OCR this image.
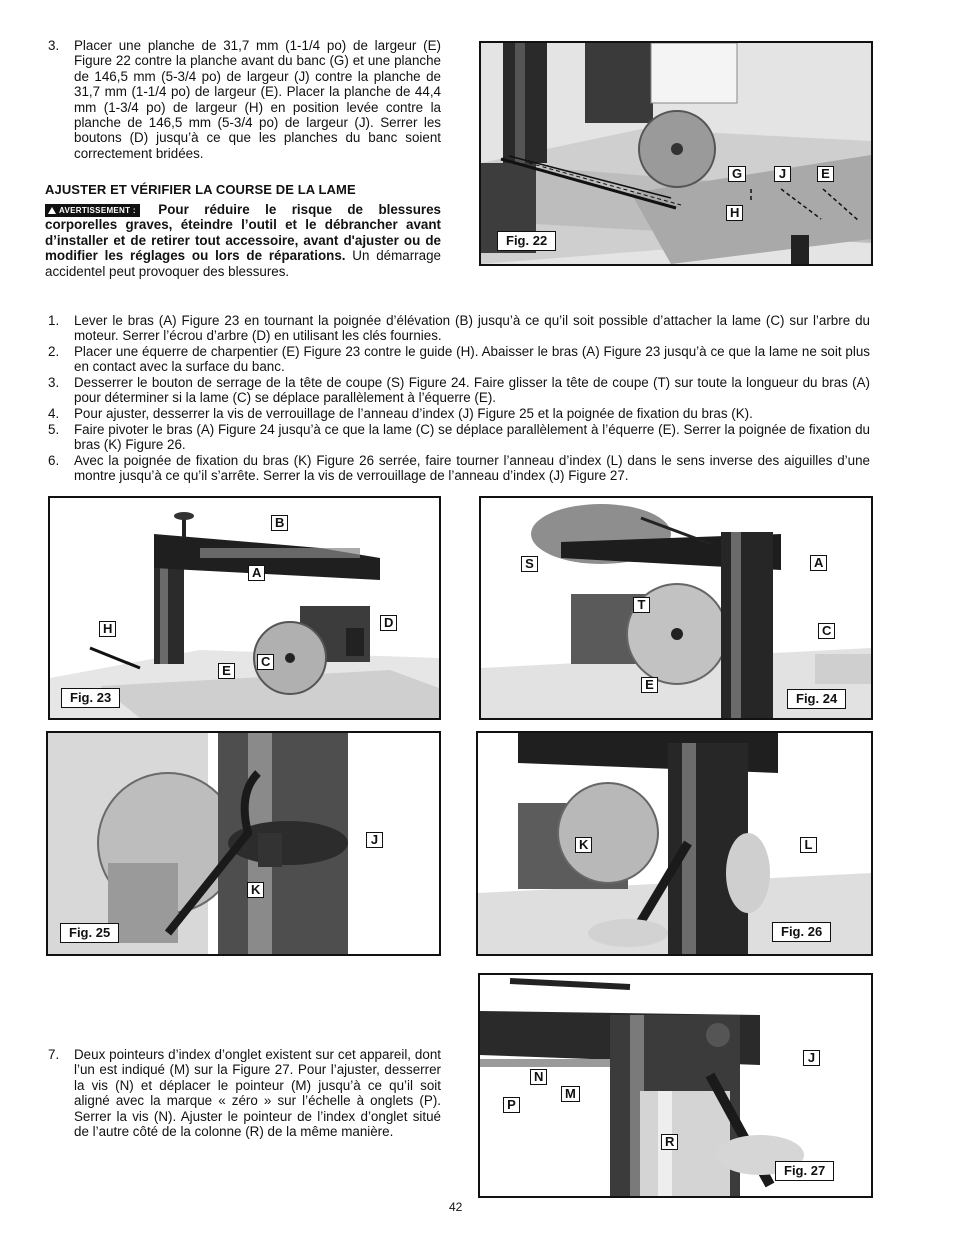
3. Placer une planche de 31,7 mm (1-1/4 po) de largeur (E) Figure 22 contre la planche avant du banc (G) et une planche de 146,5 mm (5-3/4 po) de largeur (J) contre la planche de 31,7 mm (1-1/4 po) de largeur (E). Placer la planche de 44,4 mm (1-3/4 po) de largeur (H) en position levée contre la planche de 146,5 mm (5-3/4 po) de largeur (J). Serrer les boutons (D) jusqu’à ce que les planches du banc soient correctement bridées.
AJUSTER ET VÉRIFIER LA COURSE DE LA LAME
AVERTISSEMENT : Pour réduire le risque de blessures corporelles graves, éteindre l’outil et le débrancher avant d’installer et de retirer tout accessoire, avant d'ajuster ou de modifier les réglages ou lors de réparations. Un démarrage accidentel peut provoquer des blessures.
G	J	E
H
Fig. 22
1. Lever le bras (A) Figure 23 en tournant la poignée d’élévation (B) jusqu’à ce qu’il soit possible d’attacher la lame (C) sur l’arbre du moteur. Serrer l’écrou d’arbre (D) en utilisant les clés fournies.
2. Placer une équerre de charpentier (E) Figure 23 contre le guide (H). Abaisser le bras (A) Figure 23 jusqu’à ce que la lame ne soit plus en contact avec la surface du banc.
3. Desserrer le bouton de serrage de la tête de coupe (S) Figure 24. Faire glisser la tête de coupe (T) sur toute la longueur du bras (A) pour déterminer si la lame (C) se déplace parallèlement à l’équerre (E).
4. Pour ajuster, desserrer la vis de verrouillage de l’anneau d’index (J) Figure 25 et la poignée de fixation du bras (K).
5. Faire pivoter le bras (A) Figure 24 jusqu’à ce que la lame (C) se déplace parallèlement à l’équerre (E). Serrer la poignée de fixation du bras (K) Figure 26.
6. Avec la poignée de fixation du bras (K) Figure 26 serrée, faire tourner l’anneau d’index (L) dans le sens inverse des aiguilles d’une montre jusqu’à ce qu’il s’arrête. Serrer la vis de verrouillage de l’anneau d’index (J) Figure 27.
B
A
D
H
E
C
Fig. 23
S	A
T
C
E
Fig. 24
J
K
Fig. 25
K	L
Fig. 26
7. Deux pointeurs d’index d’onglet existent sur cet appareil, dont l’un est indiqué (M) sur la Figure 27. Pour l’ajuster, desserrer la vis (N) et déplacer le pointeur (M) jusqu’à ce qu’il soit aligné avec la marque « zéro » sur l’échelle à onglets (P). Serrer la vis (N). Ajuster le pointeur de l’index d’onglet situé de l’autre côté de la colonne (R) de la même manière.
J
N
M
P
R
Fig. 27
42
